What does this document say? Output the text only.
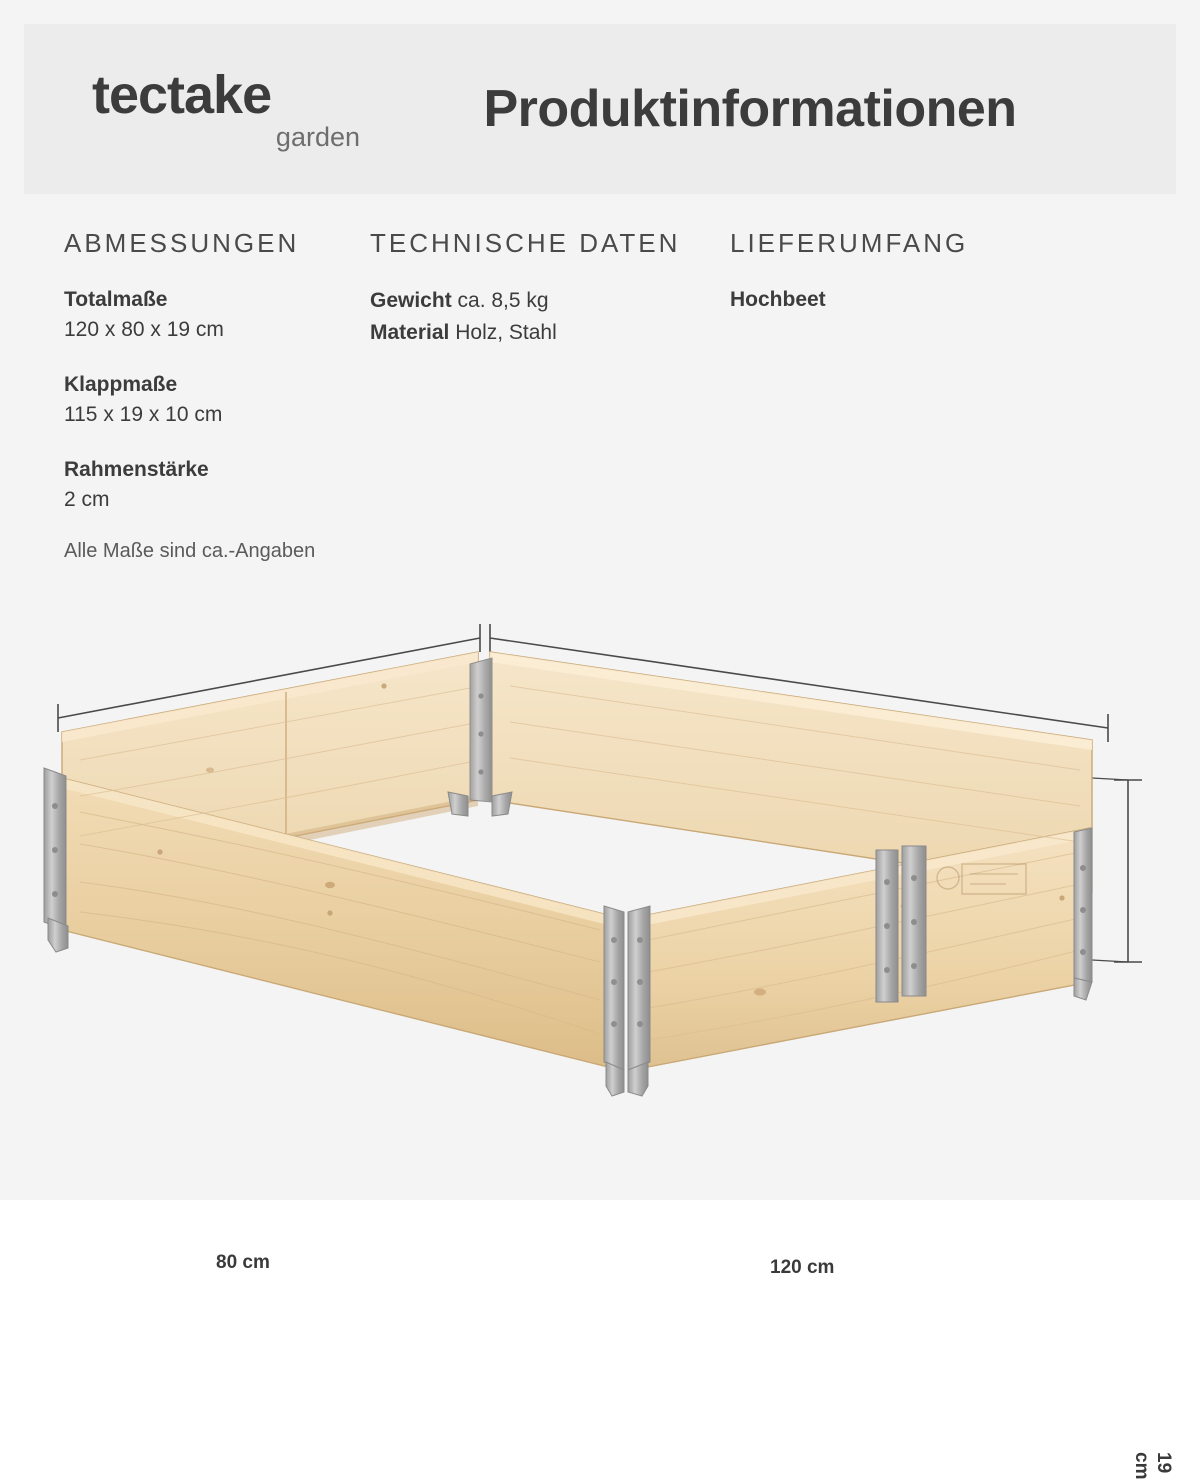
tectake
garden	Produktinformationen
ABMESSUNGEN
Totalmaße
120 x 80 x 19 cm
Klappmaße
115 x 19 x 10 cm
Rahmenstärke
2 cm
Alle Maße sind ca.-Angaben
TECHNISCHE DATEN
Gewicht ca. 8,5 kg
Material Holz, Stahl
LIEFERUMFANG
Hochbeet
80 cm	120 cm
19 cm
